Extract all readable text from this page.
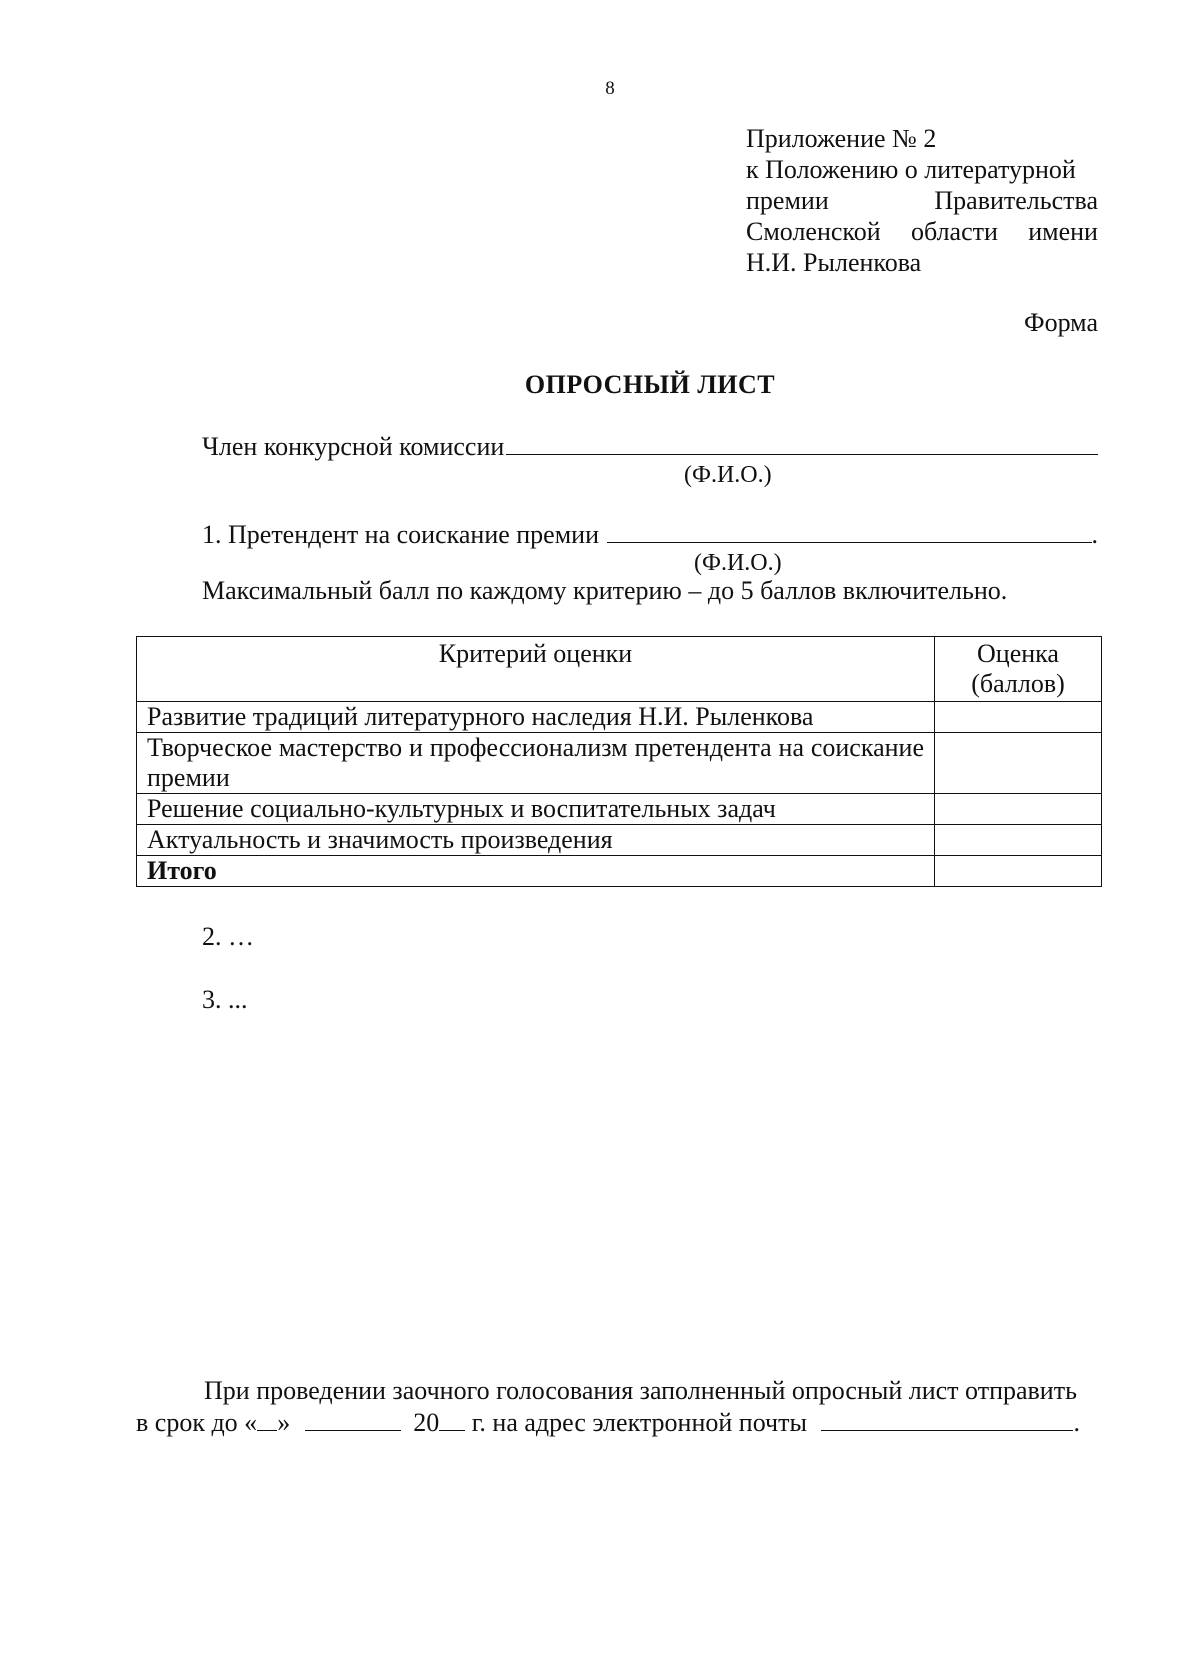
8
Приложение № 2
к Положению о литературной
премии	Правительства
Смоленской области имени
Н.И. Рыленкова
Форма
ОПРОСНЫЙ ЛИСТ
Член конкурсной комиссии
(Ф.И.О.)
1. Претендент на соискание премии	.
(Ф.И.О.)
Максимальный балл по каждому критерию – до 5 баллов включительно.
Критерий оценки	Оценка
(баллов)

Развитие традиций литературного наследия Н.И. Рыленкова	
Творческое мастерство и профессионализм претендента на соискание премии	
Решение социально-культурных и воспитательных задач	
Актуальность и значимость произведения	
Итого	
2. …
3. ...
При проведении заочного голосования заполненный опросный лист отправить
в срок до « »	20 г. на адрес электронной почты	.
